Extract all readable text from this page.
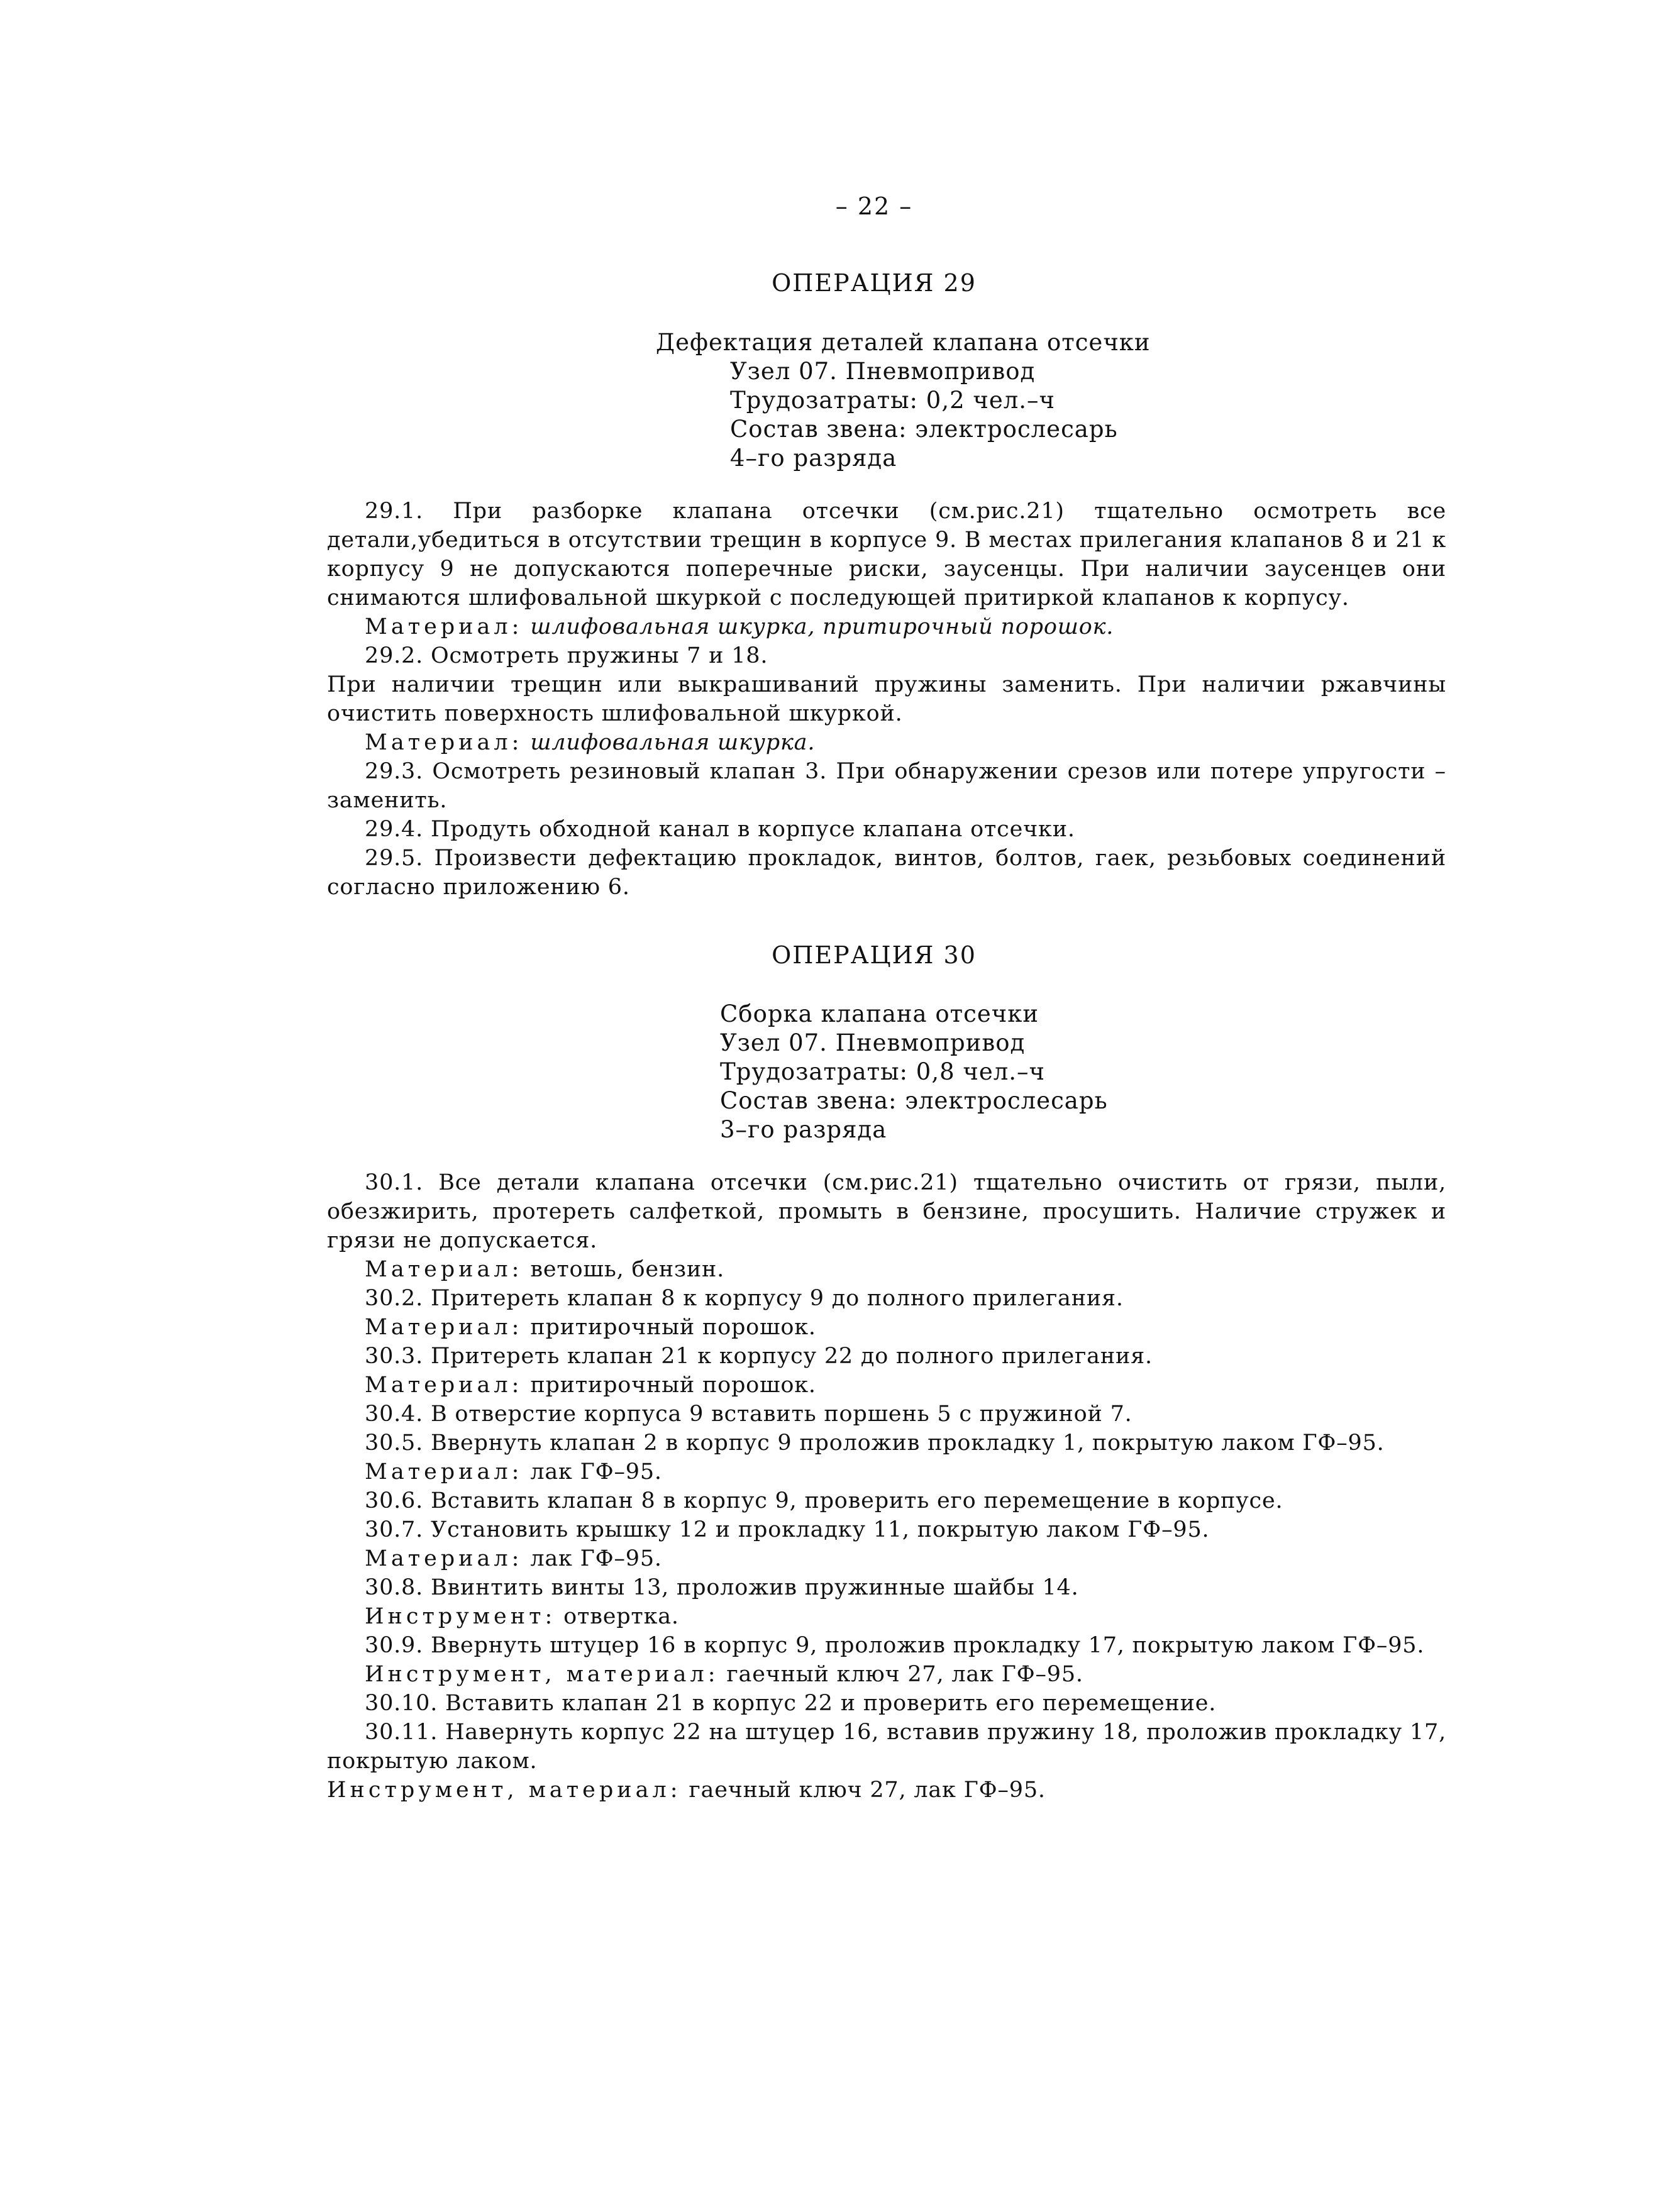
– 22 –
ОПЕРАЦИЯ 29
Дефектация деталей клапана отсечки
Узел 07. Пневмопривод
Трудозатраты: 0,2 чел.–ч
Состав звена: электрослесарь
4–го разряда
29.1. При разборке клапана отсечки (см.рис.21) тщательно осмотреть все детали,убедиться в отсутствии трещин в корпусе 9. В местах прилегания клапанов 8 и 21 к корпусу 9 не допускаются поперечные риски, заусенцы. При наличии заусенцев они снимаются шлифовальной шкуркой с последующей притиркой клапанов к корпусу.
Материал: шлифовальная шкурка, притирочный порошок.
29.2. Осмотреть пружины 7 и 18.
При наличии трещин или выкрашиваний пружины заменить. При наличии ржавчины очистить поверхность шлифовальной шкуркой.
Материал: шлифовальная шкурка.
29.3. Осмотреть резиновый клапан 3. При обнаружении срезов или потере упругости – заменить.
29.4. Продуть обходной канал в корпусе клапана отсечки.
29.5. Произвести дефектацию прокладок, винтов, болтов, гаек, резьбовых соединений согласно приложению 6.
ОПЕРАЦИЯ 30
Сборка клапана отсечки
Узел 07. Пневмопривод
Трудозатраты: 0,8 чел.–ч
Состав звена: электрослесарь
3–го разряда
30.1. Все детали клапана отсечки (см.рис.21) тщательно очистить от грязи, пыли, обезжирить, протереть салфеткой, промыть в бензине, просушить. Наличие стружек и грязи не допускается.
Материал: ветошь, бензин.
30.2. Притереть клапан 8 к корпусу 9 до полного прилегания.
Материал: притирочный порошок.
30.3. Притереть клапан 21 к корпусу 22 до полного прилегания.
Материал: притирочный порошок.
30.4. В отверстие корпуса 9 вставить поршень 5 с пружиной 7.
30.5. Ввернуть клапан 2 в корпус 9 проложив прокладку 1, покрытую лаком ГФ–95.
Материал: лак ГФ–95.
30.6. Вставить клапан 8 в корпус 9, проверить его перемещение в корпусе.
30.7. Установить крышку 12 и прокладку 11, покрытую лаком ГФ–95.
Материал: лак ГФ–95.
30.8. Ввинтить винты 13, проложив пружинные шайбы 14.
Инструмент: отвертка.
30.9. Ввернуть штуцер 16 в корпус 9, проложив прокладку 17, покрытую лаком ГФ–95.
Инструмент, материал: гаечный ключ 27, лак ГФ–95.
30.10. Вставить клапан 21 в корпус 22 и проверить его перемещение.
30.11. Навернуть корпус 22 на штуцер 16, вставив пружину 18, проложив прокладку 17, покрытую лаком.
Инструмент, материал: гаечный ключ 27, лак ГФ–95.
